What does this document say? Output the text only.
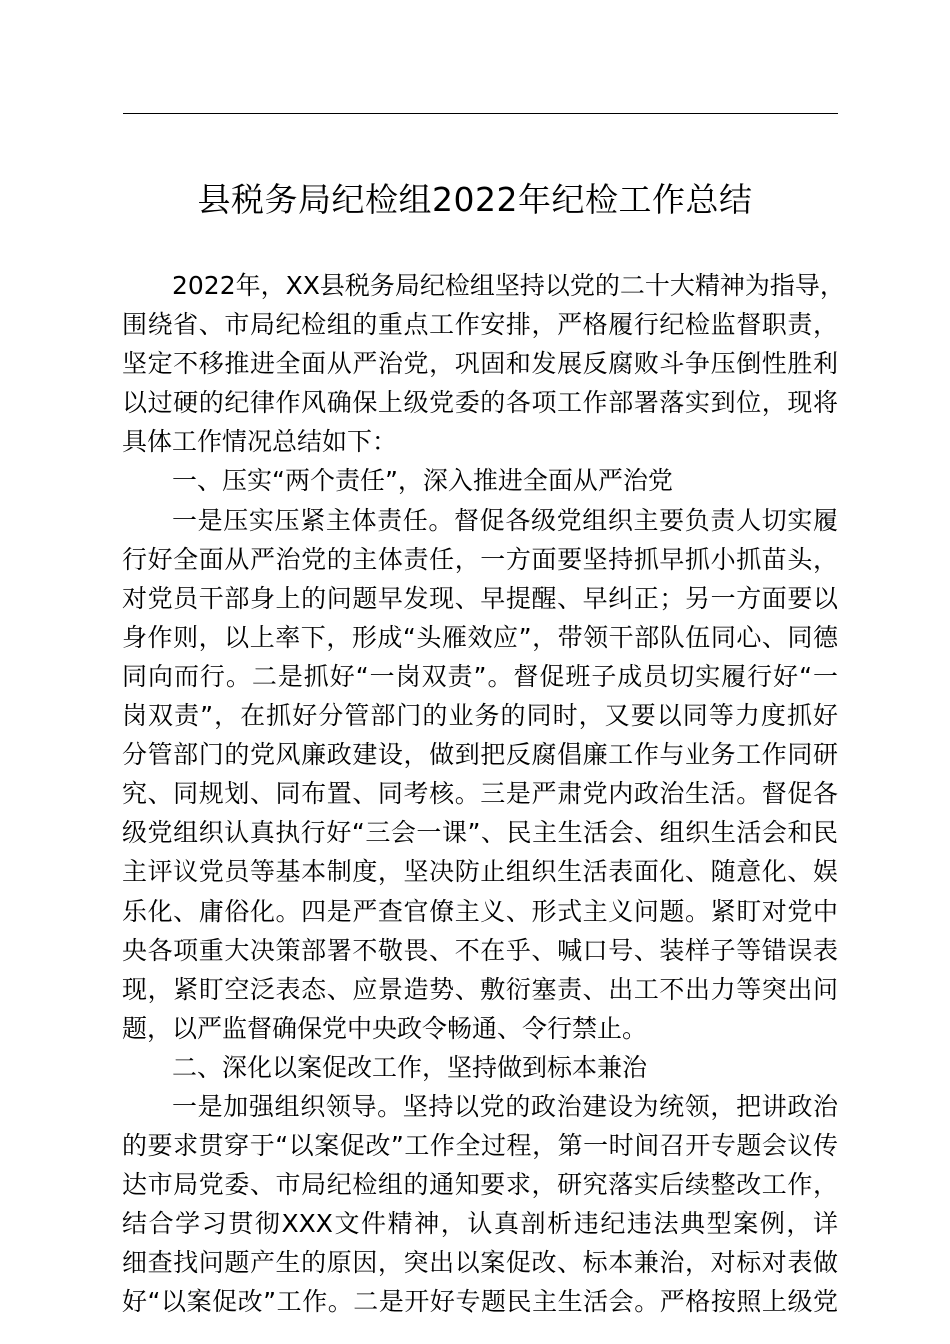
县税务局纪检组2022年纪检工作总结
2022年，XX县税务局纪检组坚持以党的二十大精神为指导，
围绕省、市局纪检组的重点工作安排，严格履行纪检监督职责，
坚定不移推进全面从严治党，巩固和发展反腐败斗争压倒性胜利
以过硬的纪律作风确保上级党委的各项工作部署落实到位，现将
具体工作情况总结如下：
一、压实“两个责任”，深入推进全面从严治党
一是压实压紧主体责任。督促各级党组织主要负责人切实履
行好全面从严治党的主体责任，一方面要坚持抓早抓小抓苗头，
对党员干部身上的问题早发现、早提醒、早纠正；另一方面要以
身作则，以上率下，形成“头雁效应”，带领干部队伍同心、同德
同向而行。二是抓好“一岗双责”。督促班子成员切实履行好“一
岗双责”，在抓好分管部门的业务的同时，又要以同等力度抓好
分管部门的党风廉政建设，做到把反腐倡廉工作与业务工作同研
究、同规划、同布置、同考核。三是严肃党内政治生活。督促各
级党组织认真执行好“三会一课”、民主生活会、组织生活会和民
主评议党员等基本制度，坚决防止组织生活表面化、随意化、娱
乐化、庸俗化。四是严查官僚主义、形式主义问题。紧盯对党中
央各项重大决策部署不敬畏、不在乎、喊口号、装样子等错误表
现，紧盯空泛表态、应景造势、敷衍塞责、出工不出力等突出问
题，以严监督确保党中央政令畅通、令行禁止。
二、深化以案促改工作，坚持做到标本兼治
一是加强组织领导。坚持以党的政治建设为统领，把讲政治
的要求贯穿于“以案促改”工作全过程，第一时间召开专题会议传
达市局党委、市局纪检组的通知要求，研究落实后续整改工作，
结合学习贯彻XXX文件精神，认真剖析违纪违法典型案例，详
细查找问题产生的原因，突出以案促改、标本兼治，对标对表做
好“以案促改”工作。二是开好专题民主生活会。严格按照上级党
